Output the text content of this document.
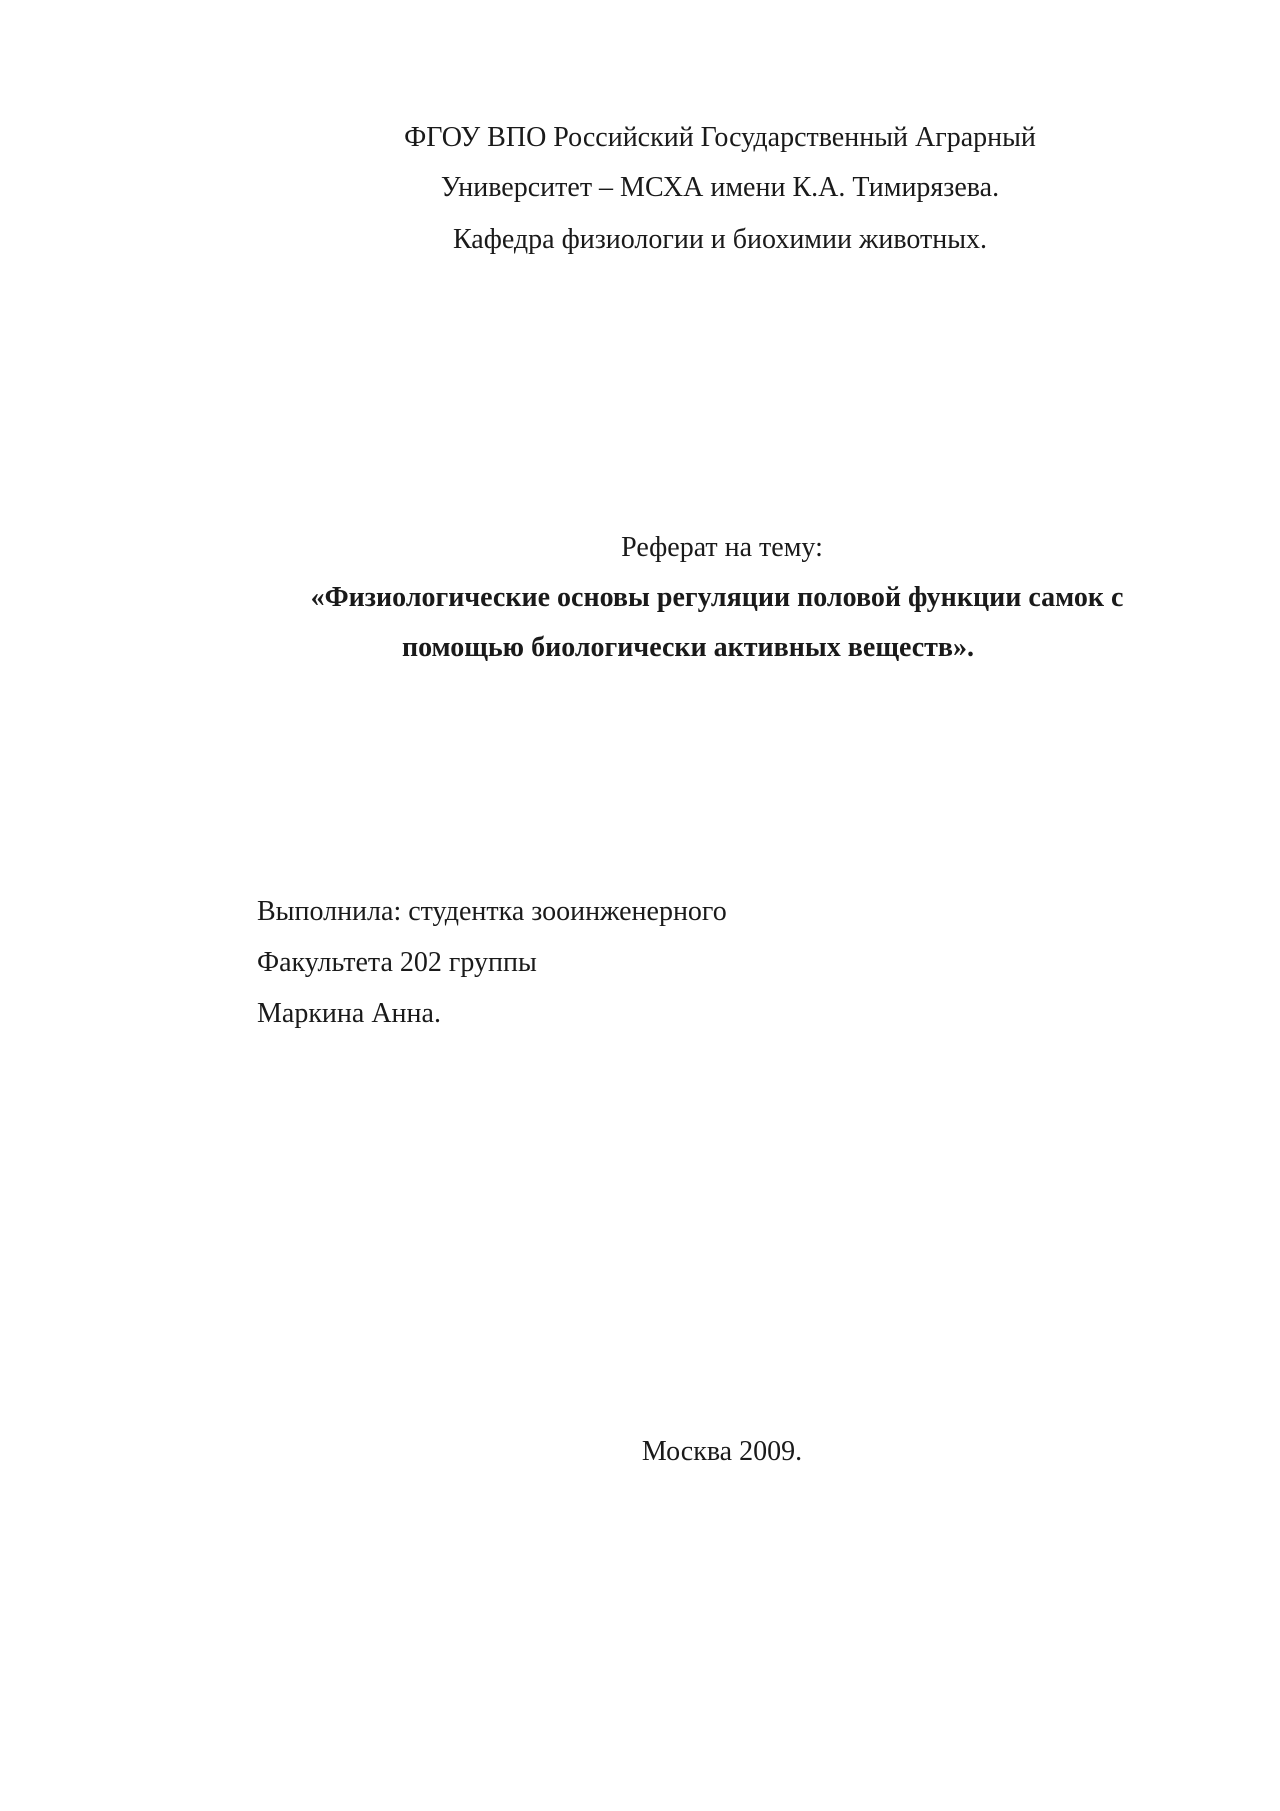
ФГОУ ВПО Российский Государственный Аграрный
Университет – МСХА имени К.А. Тимирязева.
Кафедра физиологии и биохимии животных.
Реферат на тему:
«Физиологические основы регуляции половой функции самок с
помощью биологически активных веществ».
Выполнила: студентка зооинженерного
Факультета 202 группы
Маркина Анна.
Москва 2009.
